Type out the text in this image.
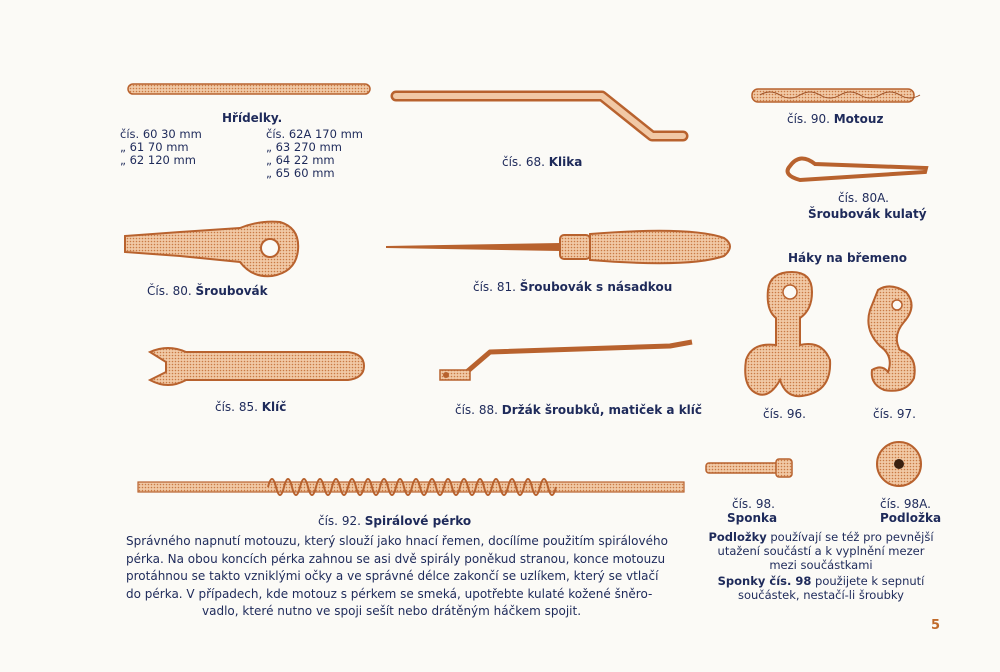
Hřídelky.
čís. 60 30 mm
„ 61 70 mm
„ 62 120 mm
čís. 62A 170 mm
„ 63 270 mm
„ 64 22 mm
„ 65 60 mm
čís. 68. Klika
čís. 90. Motouz
čís. 80A.
Šroubovák kulatý
Čís. 80. Šroubovák	čís. 81. Šroubovák s násadkou
Háky na břemeno
čís. 85. Klíč	čís. 88. Držák šroubků, matiček a klíč	čís. 96.	čís. 97.
čís. 92. Spirálové pérko
čís. 98.
Sponka
čís. 98A.
Podložka
Správného napnutí motouzu, který slouží jako hnací řemen, docílíme použitím spirálového
pérka. Na obou koncích pérka zahnou se asi dvě spirály poněkud stranou, konce motouzu
protáhnou se takto vzniklými očky a ve správné délce zakončí se uzlíkem, který se vtlačí
do pérka. V případech, kde motouz s pérkem se smeká, upotřebte kulaté kožené šněro-
vadlo, které nutno ve spoji sešít nebo drátěným háčkem spojit.
Podložky používají se též pro pevnější
utažení součástí a k vyplnění mezer
mezi součástkami
Sponky čís. 98 použijete k sepnutí
součástek, nestačí-li šroubky
5
